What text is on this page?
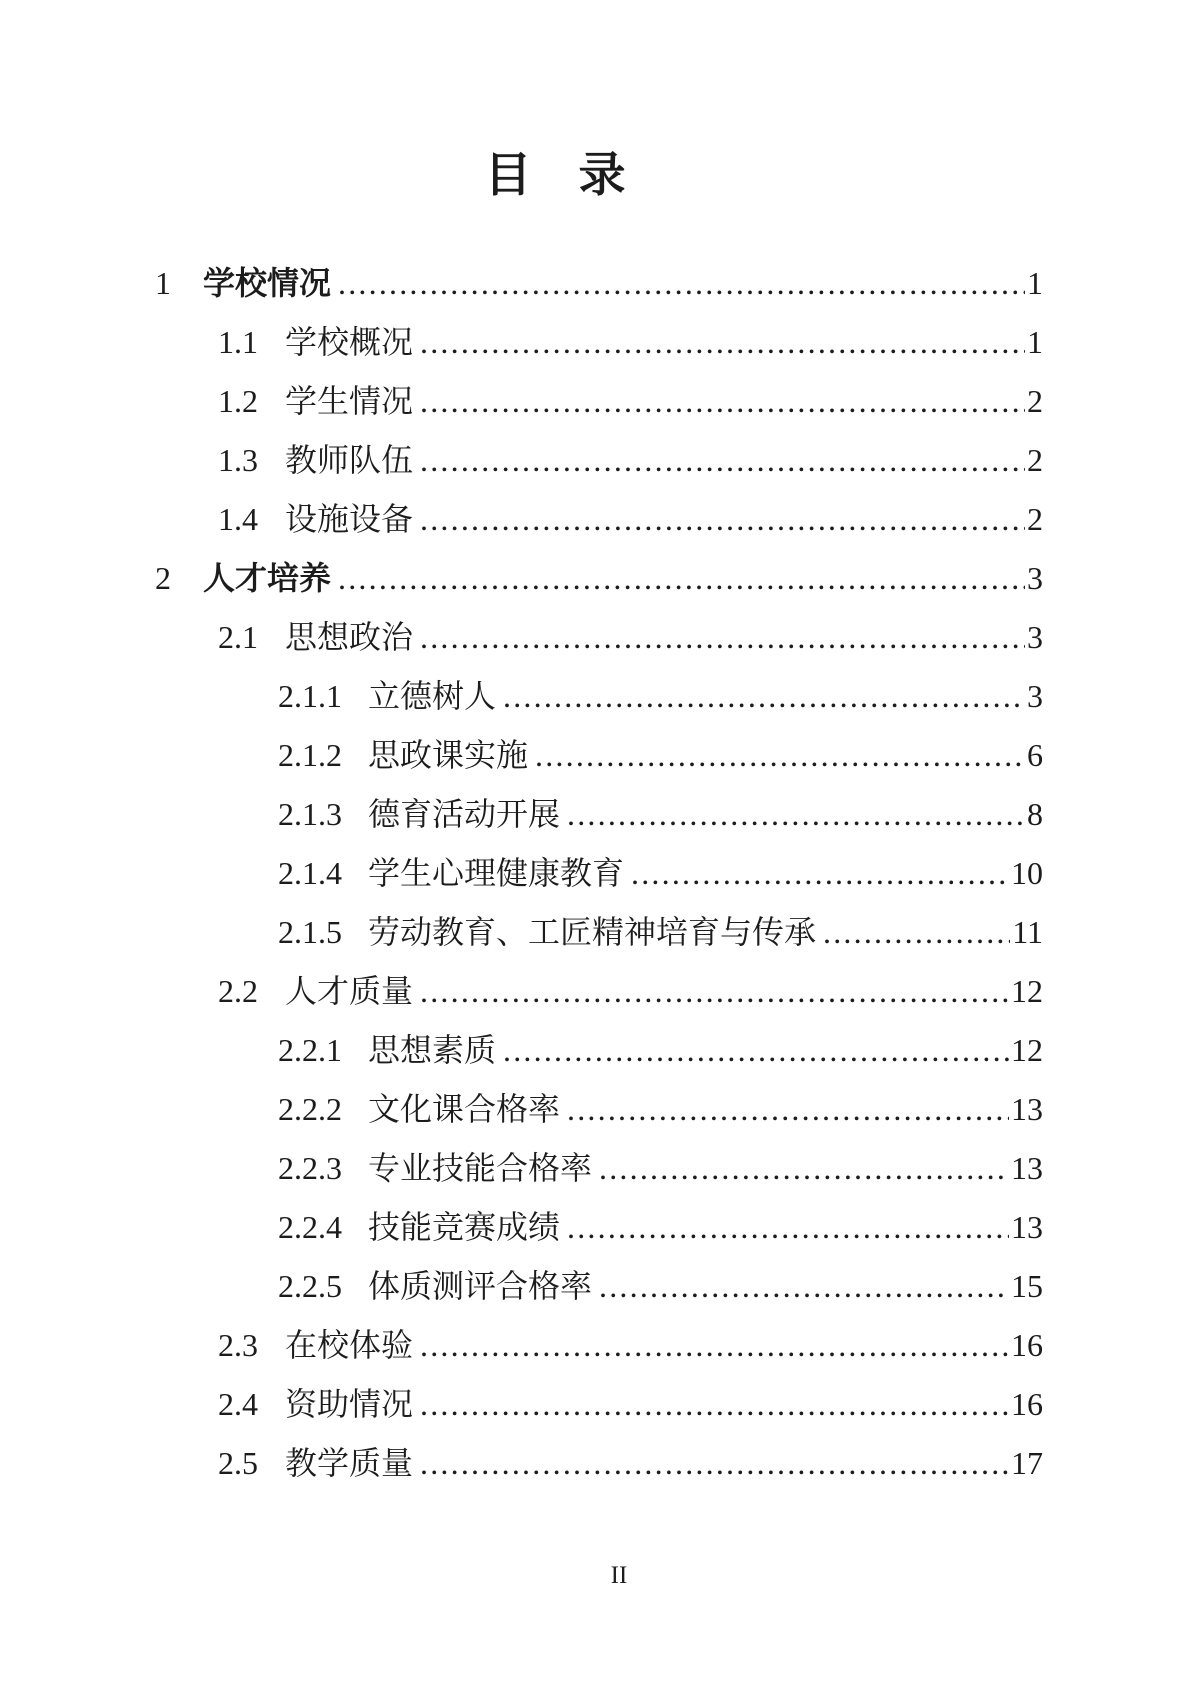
目　录
1	学校情况 .....	1
1.1 学校概况 .....	1
1.2 学生情况 .....	2
1.3 教师队伍 .....	2
1.4 设施设备 .....	2
2	人才培养 .....	3
2.1 思想政治 .....	3
2.1.1 立德树人 .....	3
2.1.2 思政课实施 .....	6
2.1.3 德育活动开展 .....	8
2.1.4 学生心理健康教育 .....	10
2.1.5 劳动教育、工匠精神培育与传承 .....	11
2.2 人才质量 .....	12
2.2.1 思想素质 .....	12
2.2.2 文化课合格率 .....	13
2.2.3 专业技能合格率 .....	13
2.2.4 技能竞赛成绩 .....	13
2.2.5 体质测评合格率 .....	15
2.3 在校体验 .....	16
2.4 资助情况 .....	16
2.5 教学质量 .....	17
II
